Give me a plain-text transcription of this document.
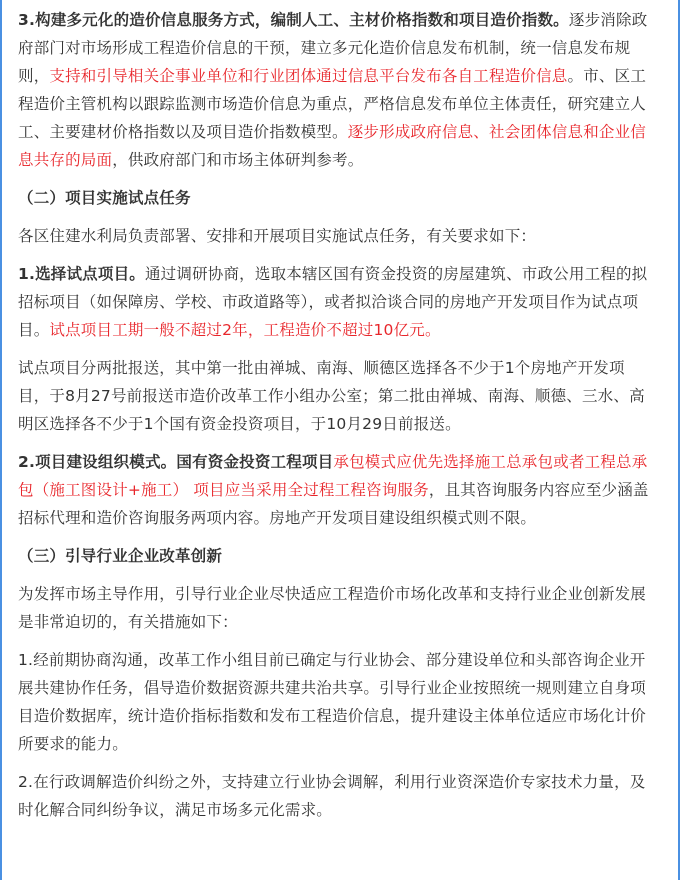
3.构建多元化的造价信息服务方式，编制人工、主材价格指数和项目造价指数。逐步消除政府部门对市场形成工程造价信息的干预，建立多元化造价信息发布机制，统一信息发布规则，支持和引导相关企事业单位和行业团体通过信息平台发布各自工程造价信息。市、区工程造价主管机构以跟踪监测市场造价信息为重点，严格信息发布单位主体责任，研究建立人工、主要建材价格指数以及项目造价指数模型。逐步形成政府信息、社会团体信息和企业信息共存的局面，供政府部门和市场主体研判参考。

（二）项目实施试点任务

各区住建水利局负责部署、安排和开展项目实施试点任务，有关要求如下：

1.选择试点项目。通过调研协商，选取本辖区国有资金投资的房屋建筑、市政公用工程的拟招标项目（如保障房、学校、市政道路等），或者拟洽谈合同的房地产开发项目作为试点项目。试点项目工期一般不超过2年，工程造价不超过10亿元。

试点项目分两批报送，其中第一批由禅城、南海、顺德区选择各不少于1个房地产开发项目，于8月27号前报送市造价改革工作小组办公室；第二批由禅城、南海、顺德、三水、高明区选择各不少于1个国有资金投资项目，于10月29日前报送。

2.项目建设组织模式。国有资金投资工程项目承包模式应优先选择施工总承包或者工程总承包（施工图设计+施工） 项目应当采用全过程工程咨询服务，且其咨询服务内容应至少涵盖招标代理和造价咨询服务两项内容。房地产开发项目建设组织模式则不限。

（三）引导行业企业改革创新

为发挥市场主导作用，引导行业企业尽快适应工程造价市场化改革和支持行业企业创新发展是非常迫切的，有关措施如下：

1.经前期协商沟通，改革工作小组目前已确定与行业协会、部分建设单位和头部咨询企业开展共建协作任务，倡导造价数据资源共建共治共享。引导行业企业按照统一规则建立自身项目造价数据库，统计造价指标指数和发布工程造价信息，提升建设主体单位适应市场化计价所要求的能力。

2.在行政调解造价纠纷之外，支持建立行业协会调解，利用行业资深造价专家技术力量，及时化解合同纠纷争议，满足市场多元化需求。
